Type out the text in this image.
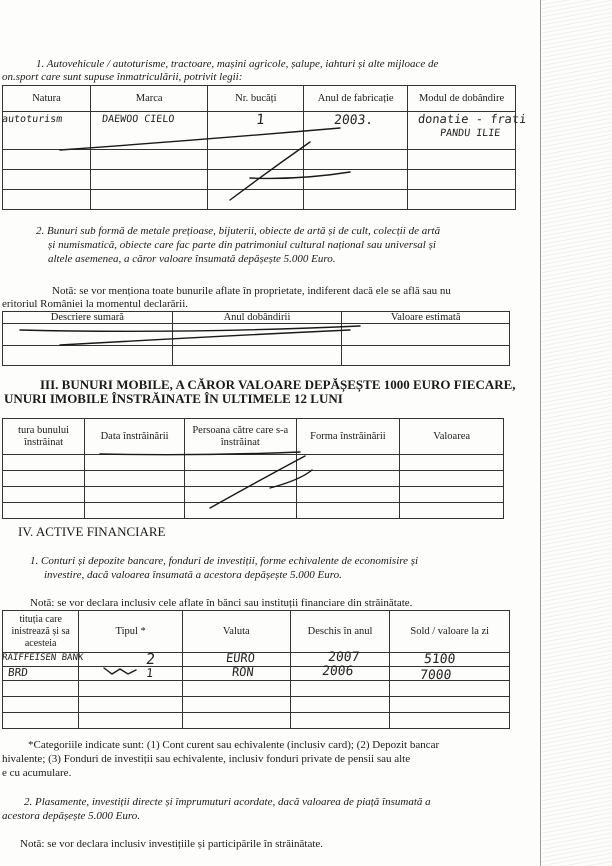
1. Autovehicule / autoturisme, tractoare, mașini agricole, șalupe, iahturi și alte mijloace de
on.sport care sunt supuse înmatriculării, potrivit legii:
Natura	Marca	Nr. bucăți	Anul de fabricație	Modul de dobândire

autoturism	DAEWOO CIELO	1	2003.	donatie - frati
PANDU ILIE
2. Bunuri sub formă de metale prețioase, bijuterii, obiecte de artă și de cult, colecții de artă
și numismatică, obiecte care fac parte din patrimoniul cultural național sau universal și
altele asemenea, a căror valoare însumată depășește 5.000 Euro.
Notă: se vor menționa toate bunurile aflate în proprietate, indiferent dacă ele se află sau nu
eritoriul României la momentul declarării.
Descriere sumară	Anul dobândirii	Valoare estimată

III. BUNURI MOBILE, A CĂROR VALOARE DEPĂȘEȘTE 1000 EURO FIECARE,
UNURI IMOBILE ÎNSTRĂINATE ÎN ULTIMELE 12 LUNI
tura bunului înstrăinat	Data înstrăinării	Persoana către care s-a înstrăinat	Forma înstrăinării	Valoarea

IV. ACTIVE FINANCIARE
1. Conturi și depozite bancare, fonduri de investiții, forme echivalente de economisire și
investire, dacă valoarea însumată a acestora depășește 5.000 Euro.
Notă: se vor declara inclusiv cele aflate în bănci sau instituții financiare din străinătate.
tituția care inistrează și sa acesteia	Tipul *	Valuta	Deschis în anul	Sold / valoare la zi

RAIFFEISEN BANK	2	EURO	2007	5100
BRD	1	RON	2006	7000
*Categoriile indicate sunt: (1) Cont curent sau echivalente (inclusiv card); (2) Depozit bancar
hivalente; (3) Fonduri de investiții sau echivalente, inclusiv fonduri private de pensii sau alte
e cu acumulare.
2. Plasamente, investiții directe și împrumuturi acordate, dacă valoarea de piață însumată a
acestora depășește 5.000 Euro.
Notă: se vor declara inclusiv investițiile și participările în străinătate.
